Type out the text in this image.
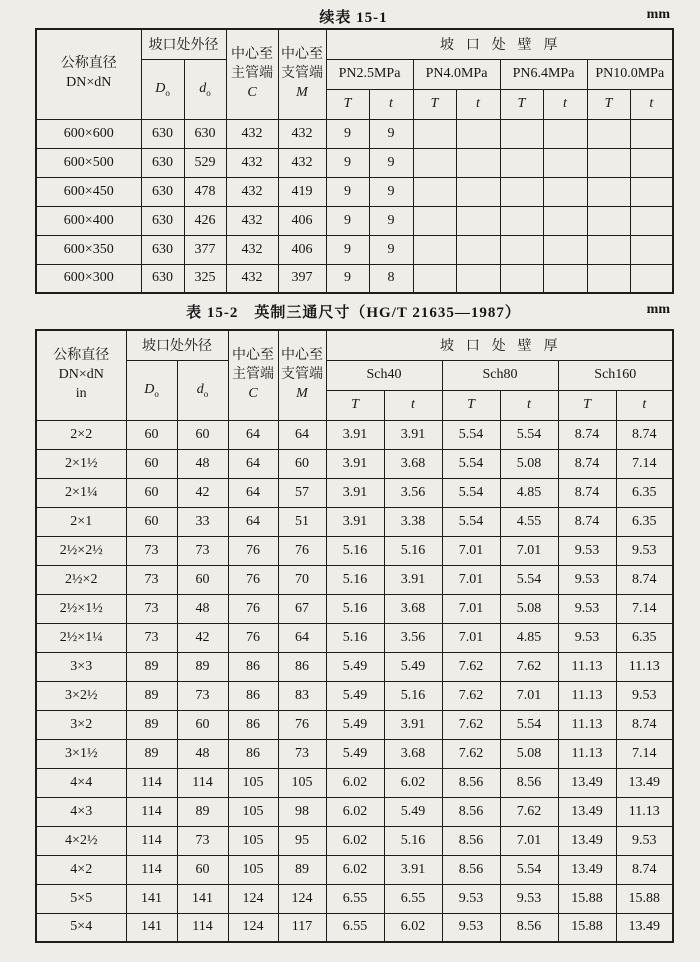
续表 15-1	mm
公称直径
DN×dN
	坡口处外径	
中心至
主管端
C

中心至
支管端
M
	坡口处壁厚
	$D_o$	$d_o$			PN2.5MPa		PN4.0MPa		PN6.4MPa		PN10.0MPa	
					T	t	T	t	T	t	T	t
600×600	630	630	432	432	9	9						
600×500	630	529	432	432	9	9						
600×450	630	478	432	419	9	9						
600×400	630	426	432	406	9	9						
600×350	630	377	432	406	9	9						
600×300	630	325	432	397	9	8						
表 15-2　英制三通尺寸（HG/T 21635—1987）	mm
公称直径
DN×dN
in
	坡口处外径	
中心至
主管端
C

中心至
支管端
M
	坡口处壁厚
	$D_o$	$d_o$			Sch40		Sch80		Sch160	
					T	t	T	t	T	t
2×2	60	60	64	64	3.91	3.91	5.54	5.54	8.74	8.74
2×1½	60	48	64	60	3.91	3.68	5.54	5.08	8.74	7.14
2×1¼	60	42	64	57	3.91	3.56	5.54	4.85	8.74	6.35
2×1	60	33	64	51	3.91	3.38	5.54	4.55	8.74	6.35
2½×2½	73	73	76	76	5.16	5.16	7.01	7.01	9.53	9.53
2½×2	73	60	76	70	5.16	3.91	7.01	5.54	9.53	8.74
2½×1½	73	48	76	67	5.16	3.68	7.01	5.08	9.53	7.14
2½×1¼	73	42	76	64	5.16	3.56	7.01	4.85	9.53	6.35
3×3	89	89	86	86	5.49	5.49	7.62	7.62	11.13	11.13
3×2½	89	73	86	83	5.49	5.16	7.62	7.01	11.13	9.53
3×2	89	60	86	76	5.49	3.91	7.62	5.54	11.13	8.74
3×1½	89	48	86	73	5.49	3.68	7.62	5.08	11.13	7.14
4×4	114	114	105	105	6.02	6.02	8.56	8.56	13.49	13.49
4×3	114	89	105	98	6.02	5.49	8.56	7.62	13.49	11.13
4×2½	114	73	105	95	6.02	5.16	8.56	7.01	13.49	9.53
4×2	114	60	105	89	6.02	3.91	8.56	5.54	13.49	8.74
5×5	141	141	124	124	6.55	6.55	9.53	9.53	15.88	15.88
5×4	141	114	124	117	6.55	6.02	9.53	8.56	15.88	13.49
